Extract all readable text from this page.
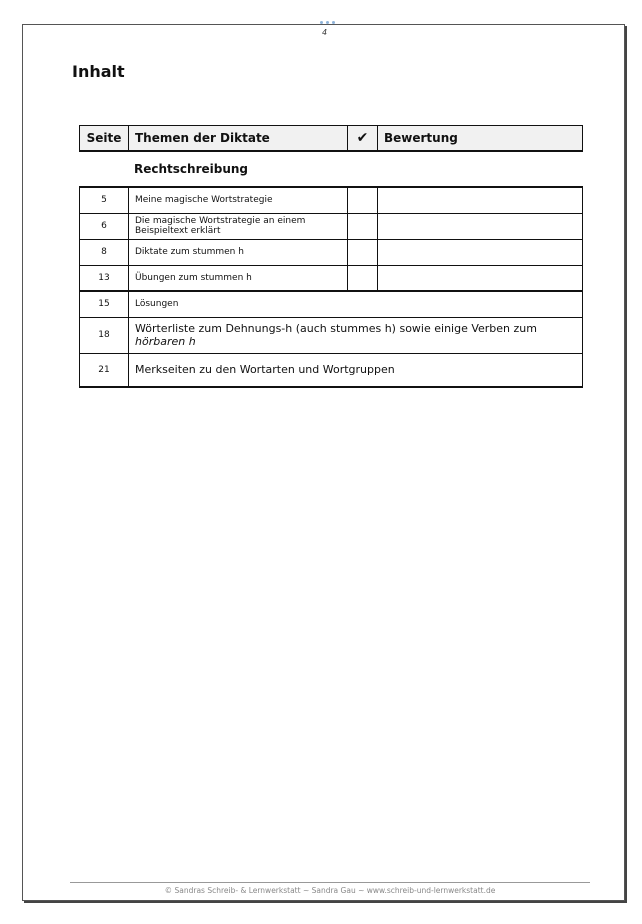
4
Inhalt
Seite	Themen der Diktate	✔	Bewertung
Rechtschreibung
5	Meine magische Wortstrategie		
6	Die magische Wortstrategie an einem Beispieltext erklärt		
8	Diktate zum stummen h		
13	Übungen zum stummen h		
15	Lösungen
18	Wörterliste zum Dehnungs-h (auch stummes h) sowie einige Verben zum
hörbaren h

21	Merkseiten zu den Wortarten und Wortgruppen
© Sandras Schreib- & Lernwerkstatt ~ Sandra Gau ~ www.schreib-und-lernwerkstatt.de
